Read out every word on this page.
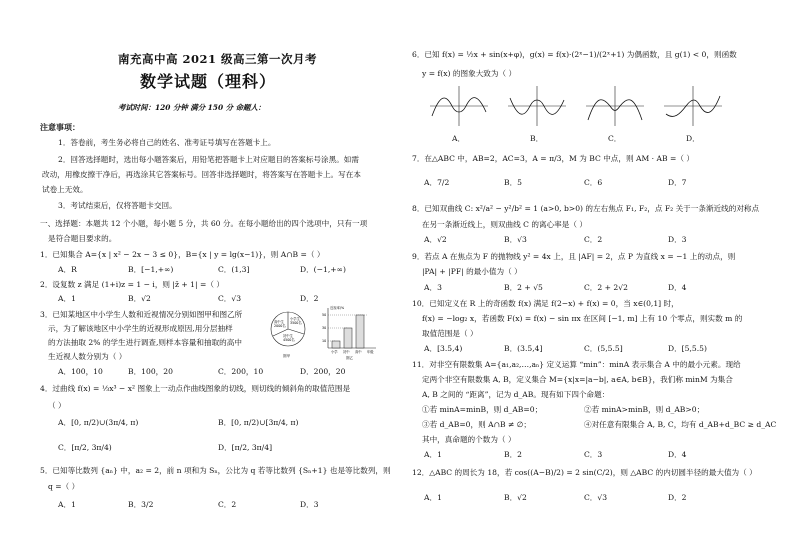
南充高中高 2021 级高三第一次月考
数学试题（理科）
考试时间：120 分钟 满分 150 分 命题人：
注意事项：
1．答卷前，考生务必将自己的姓名、准考证号填写在答题卡上。
2．回答选择题时，选出每小题答案后，用铅笔把答题卡上对应题目的答案标号涂黑。如需
改动，用橡皮擦干净后，再选涂其它答案标号。回答非选择题时，将答案写在答题卡上。写在本
试卷上无效。
3．考试结束后，仅将答题卡交回。
一、选择题：本题共 12 个小题，每小题 5 分，共 60 分。在每小题给出的四个选项中，只有一项
是符合题目要求的。
1．已知集合 A={x | x² − 2x − 3 ≤ 0}，B={x | y = lg(x−1)}，则 A∩B =（ ）
A．R	B．[−1,+∞)	C．(1,3]	D．(−1,+∞)
2．设复数 z 满足 (1+i)z = 1 − i，则 |z̄ + 1| =（ ）
A．1	B．√2	C．√3	D．2
3．已知某地区中小学生人数和近视情况分别如图甲和图乙所
示，为了解该地区中小学生的近视形成原因,用分层抽样
的方法抽取 2% 的学生进行调查,则样本容量和抽取的高中
生近视人数分别为（ ）
小学生
3500名
高中生
2000名
初中生
4500名
图甲
近视率/%
50
30
10
小学 初中 高中 年级
图乙
A．100，10	B．100，20	C．200，10	D．200，20
4．过曲线 f(x) = ⅓x³ − x² 图象上一动点作曲线图象的切线，则切线的倾斜角的取值范围是
（ ）
A．[0, π/2)∪(3π/4, π)	B．[0, π/2)∪[3π/4, π)
C．[π/2, 3π/4)	D．[π/2, 3π/4]
5．已知等比数列 {aₙ} 中，a₂ = 2，前 n 项和为 Sₙ，公比为 q 若等比数列 {Sₙ+1} 也是等比数列，则
q =（ ）
A．1	B．3/2	C．2	D．3
6．已知 f(x) = ½x + sin(x+φ)，g(x) = f(x)·(2ˣ−1)/(2ˣ+1) 为偶函数，且 g(1) < 0，则函数
y = f(x) 的图象大致为（ ）
A．	B．	C．	D．
7．在△ABC 中，AB=2，AC=3，A = π/3，M 为 BC 中点，则 AM · AB =（ ）
A．7/2	B．5	C．6	D．7
8．已知双曲线 C: x²/a² − y²/b² = 1 (a>0, b>0) 的左右焦点 F₁, F₂，点 F₂ 关于一条渐近线的对称点
在另一条渐近线上，则双曲线 C 的离心率是（ ）
A．√2	B．√3	C．2	D．3
9．若点 A 在焦点为 F 的抛物线 y² = 4x 上，且 |AF| = 2，点 P 为直线 x = −1 上的动点，则
|PA| + |PF| 的最小值为（ ）
A．3	B．2 + √5	C．2 + 2√2	D．4
10．已知定义在 R 上的奇函数 f(x) 满足 f(2−x) + f(x) = 0，当 x∈(0,1] 时，
f(x) = −log₂ x，若函数 F(x) = f(x) − sin πx 在区间 [−1, m] 上有 10 个零点，则实数 m 的
取值范围是（ ）
A．[3.5,4)	B．(3.5,4]	C．(5,5.5]	D．[5,5.5)
11．对非空有限数集 A={a₁,a₂,…,aₙ} 定义运算 “min”：minA 表示集合 A 中的最小元素。现给
定两个非空有限数集 A, B，定义集合 M={x|x=|a−b|, a∈A, b∈B}，我们称 minM 为集合
A, B 之间的 “距离”，记为 d_AB。现有如下四个命题：
①若 minA=minB，则 d_AB=0；	②若 minA>minB，则 d_AB>0；
③若 d_AB=0，则 A∩B ≠ ∅；	④对任意有限集合 A, B, C，均有 d_AB+d_BC ≥ d_AC
其中，真命题的个数为（ ）
A．1	B．2	C．3	D．4
12．△ABC 的周长为 18，若 cos((A−B)/2) = 2 sin(C/2)，则 △ABC 的内切圆半径的最大值为（ ）
A．1	B．√2	C．√3	D．2
